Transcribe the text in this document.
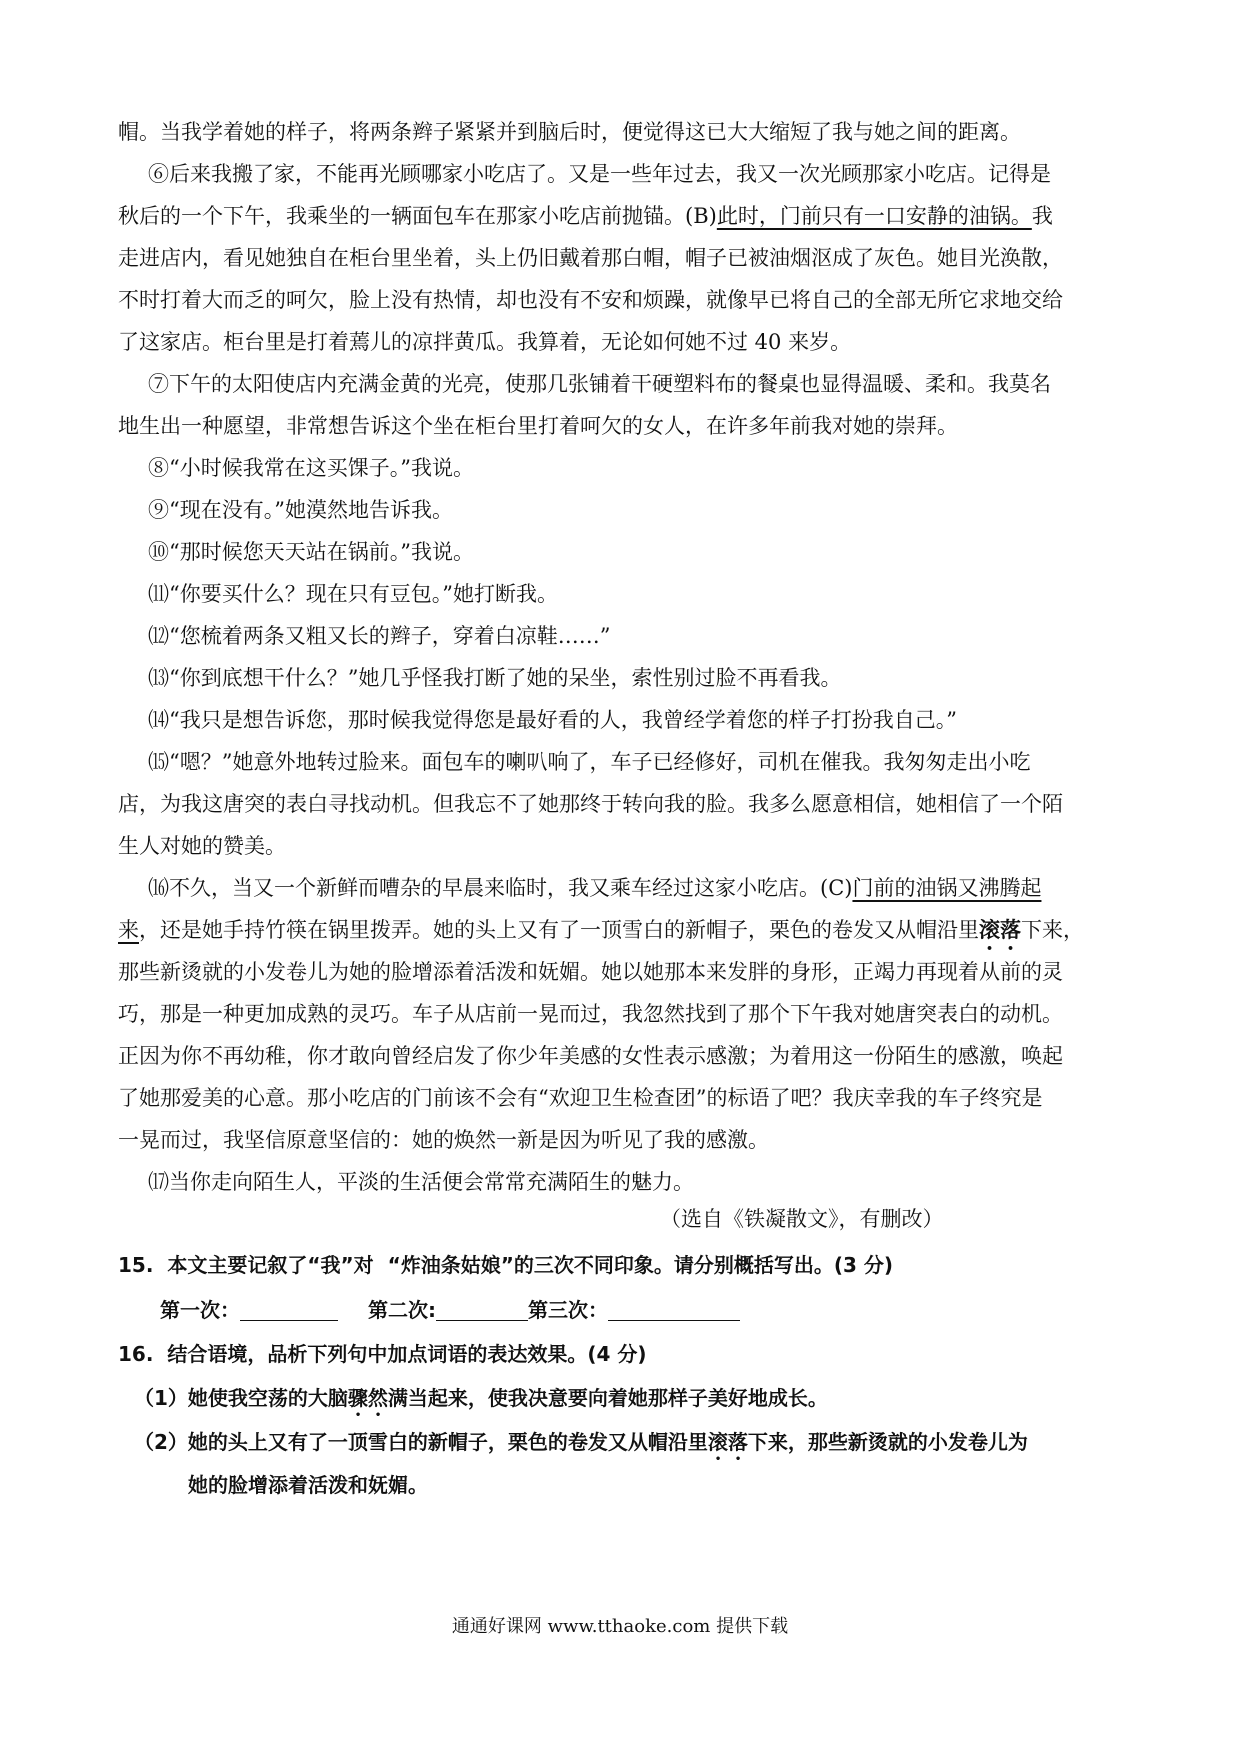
帽。当我学着她的样子，将两条辫子紧紧并到脑后时，便觉得这已大大缩短了我与她之间的距离。
⑥后来我搬了家，不能再光顾哪家小吃店了。又是一些年过去，我又一次光顾那家小吃店。记得是
秋后的一个下午，我乘坐的一辆面包车在那家小吃店前抛锚。(B)此时，门前只有一口安静的油锅。我
走进店内，看见她独自在柜台里坐着，头上仍旧戴着那白帽，帽子已被油烟沤成了灰色。她目光涣散，
不时打着大而乏的呵欠，脸上没有热情，却也没有不安和烦躁，就像早已将自己的全部无所它求地交给
了这家店。柜台里是打着蔫儿的凉拌黄瓜。我算着，无论如何她不过 40 来岁。
⑦下午的太阳使店内充满金黄的光亮，使那几张铺着干硬塑料布的餐桌也显得温暖、柔和。我莫名
地生出一种愿望，非常想告诉这个坐在柜台里打着呵欠的女人，在许多年前我对她的崇拜。
⑧“小时候我常在这买馃子。”我说。
⑨“现在没有。”她漠然地告诉我。
⑩“那时候您天天站在锅前。”我说。
⑾“你要买什么？现在只有豆包。”她打断我。
⑿“您梳着两条又粗又长的辫子，穿着白凉鞋……”
⒀“你到底想干什么？”她几乎怪我打断了她的呆坐，索性别过脸不再看我。
⒁“我只是想告诉您，那时候我觉得您是最好看的人，我曾经学着您的样子打扮我自己。”
⒂“嗯？”她意外地转过脸来。面包车的喇叭响了，车子已经修好，司机在催我。我匆匆走出小吃
店，为我这唐突的表白寻找动机。但我忘不了她那终于转向我的脸。我多么愿意相信，她相信了一个陌
生人对她的赞美。
⒃不久，当又一个新鲜而嘈杂的早晨来临时，我又乘车经过这家小吃店。(C)门前的油锅又沸腾起
来，还是她手持竹筷在锅里拨弄。她的头上又有了一顶雪白的新帽子，栗色的卷发又从帽沿里滚落下来，
那些新烫就的小发卷儿为她的脸增添着活泼和妩媚。她以她那本来发胖的身形，正竭力再现着从前的灵
巧，那是一种更加成熟的灵巧。车子从店前一晃而过，我忽然找到了那个下午我对她唐突表白的动机。
正因为你不再幼稚，你才敢向曾经启发了你少年美感的女性表示感激；为着用这一份陌生的感激，唤起
了她那爱美的心意。那小吃店的门前该不会有“欢迎卫生检查团”的标语了吧？我庆幸我的车子终究是
一晃而过，我坚信原意坚信的：她的焕然一新是因为听见了我的感激。
⒄当你走向陌生人，平淡的生活便会常常充满陌生的魅力。
（选自《铁凝散文》，有删改）
15.  本文主要记叙了“我”对  “炸油条姑娘”的三次不同印象。请分别概括写出。(3 分)
第一次：	第二次:	第三次：
16.  结合语境，品析下列句中加点词语的表达效果。(4 分)
（1）她使我空荡的大脑骤然满当起来，使我决意要向着她那样子美好地成长。
（2）她的头上又有了一顶雪白的新帽子，栗色的卷发又从帽沿里滚落下来，那些新烫就的小发卷儿为
她的脸增添着活泼和妩媚。
通通好课网 www.tthaoke.com 提供下载
